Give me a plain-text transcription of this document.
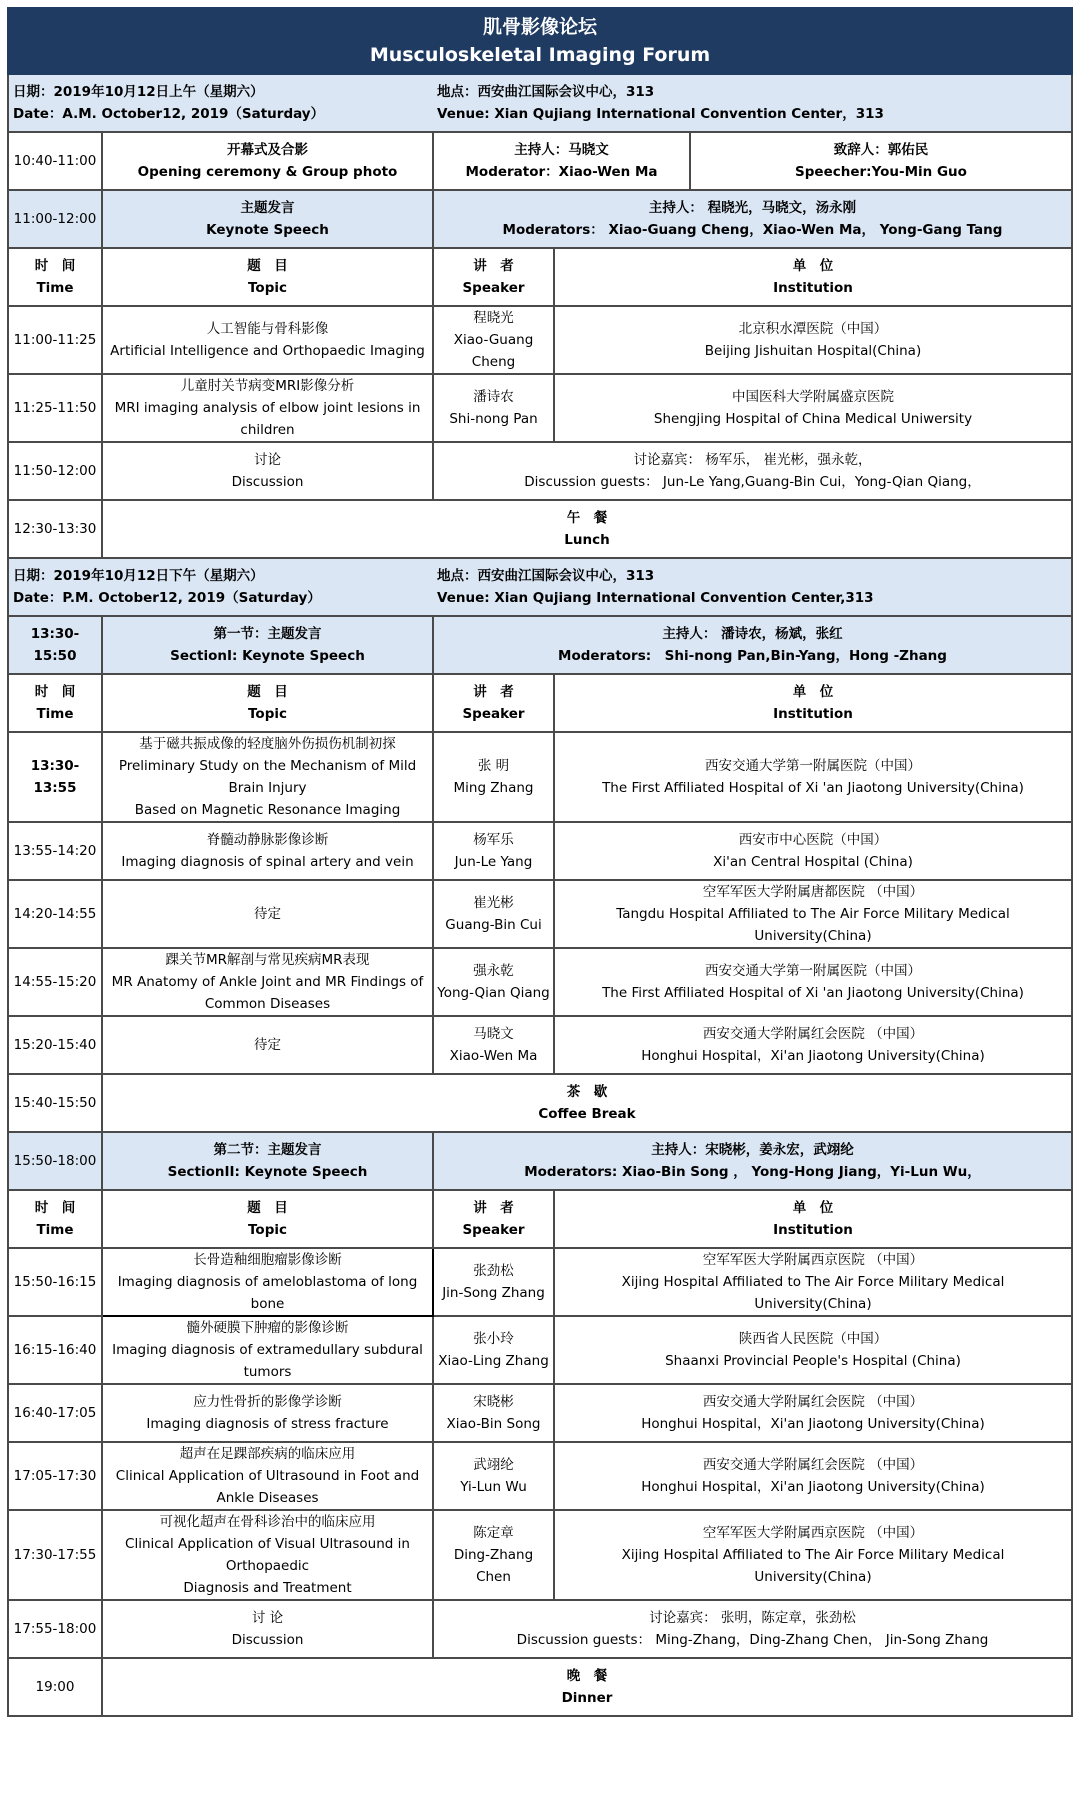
肌骨影像论坛
Musculoskeletal Imaging Forum				

日期：2019年10月12日上午（星期六）
Date：A.M. October12, 2019（Saturday）		地点：西安曲江国际会议中心，313
Venue: Xian Qujiang International Convention Center，313		

10:40-11:00	开幕式及合影
Opening ceremony & Group photo	主持人：马晓文
Moderator：Xiao-Wen Ma		致辞人：郭佑民
Speecher:You-Min Guo

11:00-12:00	主题发言
Keynote Speech	主持人： 程晓光，马晓文，汤永刚
Moderators： Xiao-Guang Cheng，Xiao-Wen Ma， Yong-Gang Tang		

时　间
Time	题　目
Topic	讲　者
Speaker	单　位
Institution	

11:00-11:25	人工智能与骨科影像
Artificial Intelligence and Orthopaedic Imaging	程晓光
Xiao-Guang Cheng	北京积水潭医院（中国）
Beijing Jishuitan Hospital(China)	

11:25-11:50	儿童肘关节病变MRI影像分析
MRI imaging analysis of elbow joint lesions in children	潘诗农
Shi-nong Pan	中国医科大学附属盛京医院
Shengjing Hospital of China Medical Uniwersity	

11:50-12:00	讨论
Discussion	讨论嘉宾： 杨军乐， 崔光彬，强永乾，
Discussion guests： Jun-Le Yang,Guang-Bin Cui，Yong-Qian Qiang，		

12:30-13:30	午　餐
Lunch			

日期：2019年10月12日下午（星期六）
Date：P.M. October12, 2019（Saturday）		地点：西安曲江国际会议中心，313
Venue: Xian Qujiang International Convention Center,313		

13:30-15:50	第一节：主题发言
SectionI: Keynote Speech	主持人： 潘诗农，杨斌，张红
Moderators:　Shi-nong Pan,Bin-Yang，Hong -Zhang		

时　间
Time	题　目
Topic	讲　者
Speaker	单　位
Institution	

13:30-13:55	基于磁共振成像的轻度脑外伤损伤机制初探
Preliminary Study on the Mechanism of Mild Brain Injury
Based on Magnetic Resonance Imaging	张 明
Ming Zhang	西安交通大学第一附属医院（中国）
The First Affiliated Hospital of Xi 'an Jiaotong University(China)	

13:55-14:20	脊髓动静脉影像诊断
Imaging diagnosis of spinal artery and vein	杨军乐
Jun-Le Yang	西安市中心医院（中国）
Xi'an Central Hospital (China)	

14:20-14:55	待定	崔光彬
Guang-Bin Cui	空军军医大学附属唐都医院 （中国）
Tangdu Hospital Affiliated to The Air Force Military Medical
University(China)	

14:55-15:20	踝关节MR解剖与常见疾病MR表现
MR Anatomy of Ankle Joint and MR Findings of
Common Diseases	强永乾
Yong-Qian Qiang	西安交通大学第一附属医院（中国）
The First Affiliated Hospital of Xi 'an Jiaotong University(China)	

15:20-15:40	待定	马晓文
Xiao-Wen Ma	西安交通大学附属红会医院 （中国）
Honghui Hospital，Xi'an Jiaotong University(China)	

15:40-15:50	茶　歇
Coffee Break			

15:50-18:00	第二节：主题发言
SectionII: Keynote Speech	主持人：宋晓彬，姜永宏，武翊纶
Moderators: Xiao-Bin Song ， Yong-Hong Jiang，Yi-Lun Wu，		

时　间
Time	题　目
Topic	讲　者
Speaker	单　位
Institution	

15:50-16:15	长骨造釉细胞瘤影像诊断
Imaging diagnosis of ameloblastoma of long bone	张劲松
Jin-Song Zhang	空军军医大学附属西京医院 （中国）
Xijing Hospital Affiliated to The Air Force Military Medical
University(China)	

16:15-16:40	髓外硬膜下肿瘤的影像诊断
Imaging diagnosis of extramedullary subdural tumors	张小玲
Xiao-Ling Zhang	陕西省人民医院（中国）
Shaanxi Provincial People's Hospital (China)	

16:40-17:05	应力性骨折的影像学诊断
Imaging diagnosis of stress fracture	宋晓彬
Xiao-Bin Song	西安交通大学附属红会医院 （中国）
Honghui Hospital，Xi'an Jiaotong University(China)	

17:05-17:30	超声在足踝部疾病的临床应用
Clinical Application of Ultrasound in Foot and Ankle Diseases	武翊纶
Yi-Lun Wu	西安交通大学附属红会医院 （中国）
Honghui Hospital，Xi'an Jiaotong University(China)	

17:30-17:55	可视化超声在骨科诊治中的临床应用
Clinical Application of Visual Ultrasound in Orthopaedic
Diagnosis and Treatment	陈定章
Ding-Zhang Chen	空军军医大学附属西京医院 （中国）
Xijing Hospital Affiliated to The Air Force Military Medical
University(China)	

17:55-18:00	讨 论
Discussion	讨论嘉宾： 张明，陈定章，张劲松
Discussion guests： Ming-Zhang，Ding-Zhang Chen， Jin-Song Zhang		

19:00	晚　餐
Dinner			
